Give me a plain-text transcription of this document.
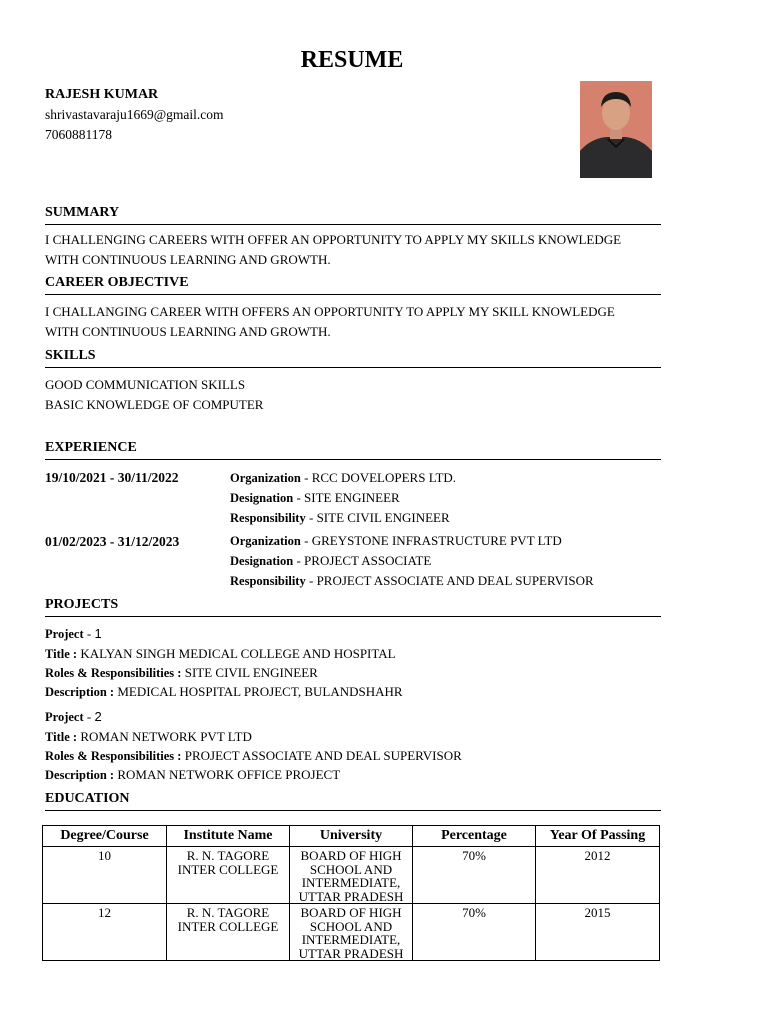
RESUME
RAJESH KUMAR
shrivastavaraju1669@gmail.com
7060881178
SUMMARY
I CHALLENGING CAREERS WITH OFFER AN OPPORTUNITY TO APPLY MY SKILLS KNOWLEDGE
WITH CONTINUOUS LEARNING AND GROWTH.
CAREER OBJECTIVE
I CHALLANGING CAREER WITH OFFERS AN OPPORTUNITY TO APPLY MY SKILL KNOWLEDGE
WITH CONTINUOUS LEARNING AND GROWTH.
SKILLS
GOOD COMMUNICATION SKILLS
BASIC KNOWLEDGE OF COMPUTER
EXPERIENCE
19/10/2021 - 30/11/2022	Organization - RCC DOVELOPERS LTD.
Designation - SITE ENGINEER
Responsibility - SITE CIVIL ENGINEER
01/02/2023 - 31/12/2023	Organization - GREYSTONE INFRASTRUCTURE PVT LTD
Designation - PROJECT ASSOCIATE
Responsibility - PROJECT ASSOCIATE AND DEAL SUPERVISOR
PROJECTS
Project - 1
Title : KALYAN SINGH MEDICAL COLLEGE AND HOSPITAL
Roles & Responsibilities : SITE CIVIL ENGINEER
Description : MEDICAL HOSPITAL PROJECT, BULANDSHAHR
Project - 2
Title : ROMAN NETWORK PVT LTD
Roles & Responsibilities : PROJECT ASSOCIATE AND DEAL SUPERVISOR
Description : ROMAN NETWORK OFFICE PROJECT
EDUCATION
Degree/Course	Institute Name	University	Percentage	Year Of Passing
10	R. N. TAGORE INTER COLLEGE	BOARD OF HIGH SCHOOL AND INTERMEDIATE, UTTAR PRADESH	70%	2012
12	R. N. TAGORE INTER COLLEGE	BOARD OF HIGH SCHOOL AND INTERMEDIATE, UTTAR PRADESH	70%	2015
